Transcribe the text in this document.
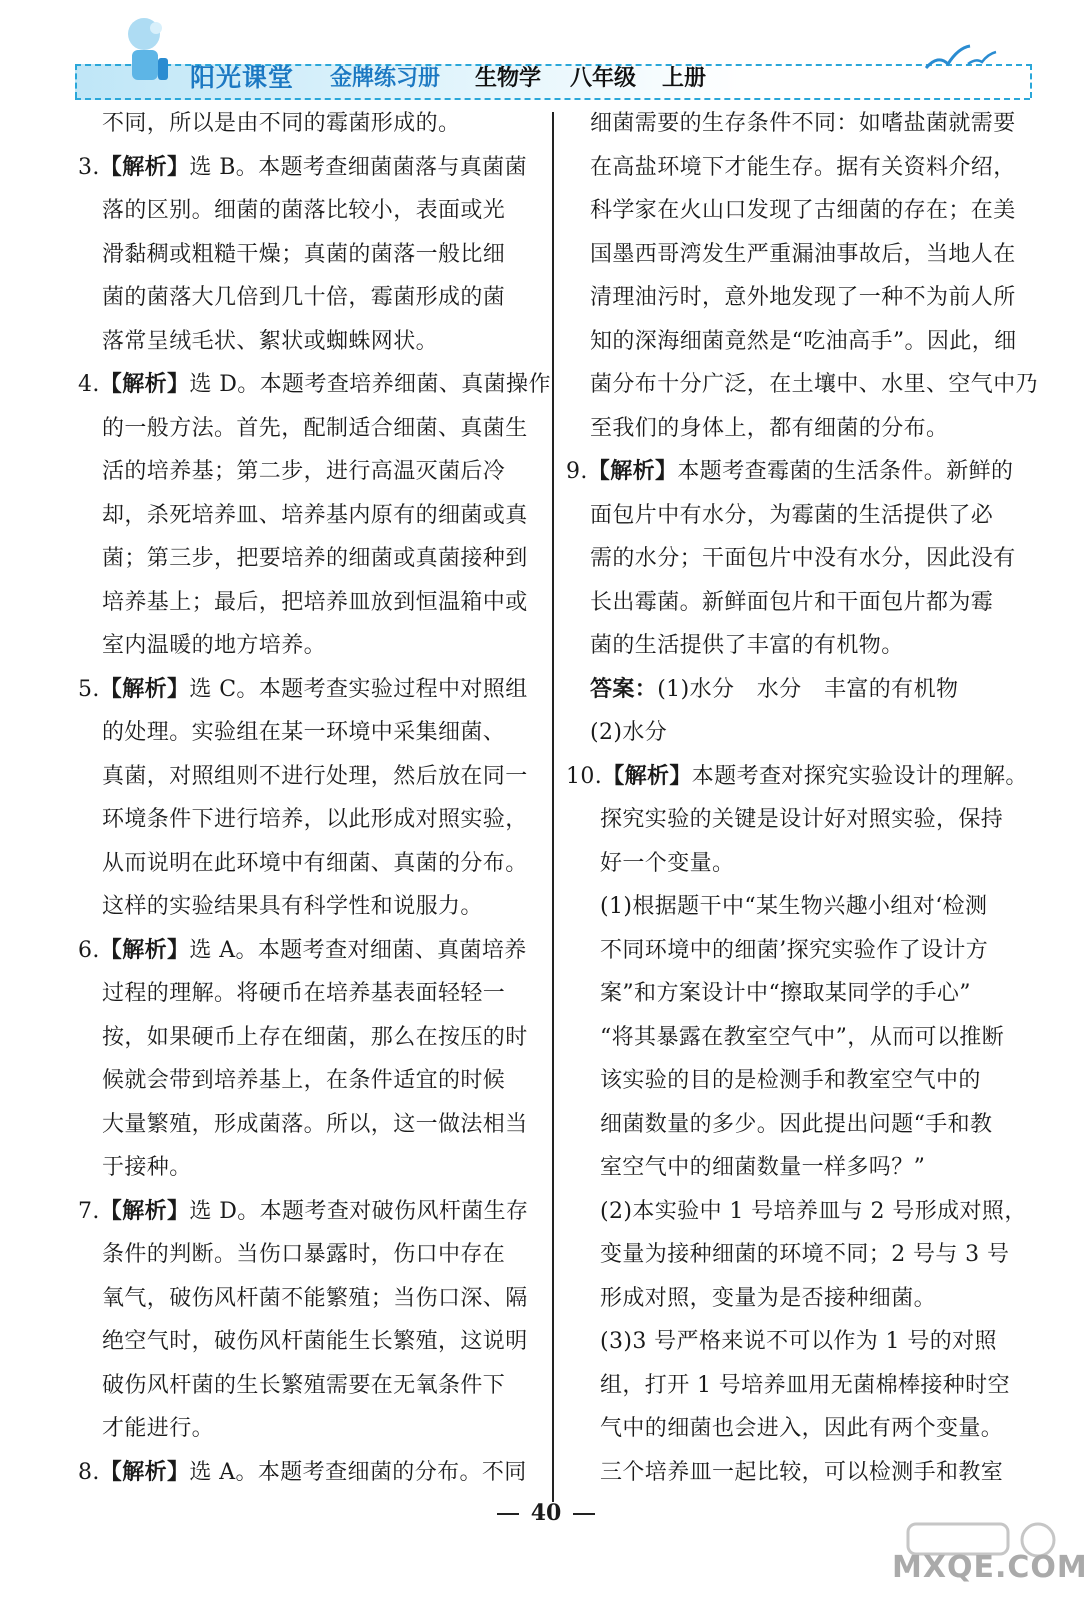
阳光课堂 金牌练习册 生物学 八年级 上册
不同，所以是由不同的霉菌形成的。
3.【解析】选 B。本题考查细菌菌落与真菌菌
落的区别。细菌的菌落比较小，表面或光
滑黏稠或粗糙干燥；真菌的菌落一般比细
菌的菌落大几倍到几十倍，霉菌形成的菌
落常呈绒毛状、絮状或蜘蛛网状。
4.【解析】选 D。本题考查培养细菌、真菌操作
的一般方法。首先，配制适合细菌、真菌生
活的培养基；第二步，进行高温灭菌后冷
却，杀死培养皿、培养基内原有的细菌或真
菌；第三步，把要培养的细菌或真菌接种到
培养基上；最后，把培养皿放到恒温箱中或
室内温暖的地方培养。
5.【解析】选 C。本题考查实验过程中对照组
的处理。实验组在某一环境中采集细菌、
真菌，对照组则不进行处理，然后放在同一
环境条件下进行培养，以此形成对照实验，
从而说明在此环境中有细菌、真菌的分布。
这样的实验结果具有科学性和说服力。
6.【解析】选 A。本题考查对细菌、真菌培养
过程的理解。将硬币在培养基表面轻轻一
按，如果硬币上存在细菌，那么在按压的时
候就会带到培养基上，在条件适宜的时候
大量繁殖，形成菌落。所以，这一做法相当
于接种。
7.【解析】选 D。本题考查对破伤风杆菌生存
条件的判断。当伤口暴露时，伤口中存在
氧气，破伤风杆菌不能繁殖；当伤口深、隔
绝空气时，破伤风杆菌能生长繁殖，这说明
破伤风杆菌的生长繁殖需要在无氧条件下
才能进行。
8.【解析】选 A。本题考查细菌的分布。不同
细菌需要的生存条件不同：如嗜盐菌就需要
在高盐环境下才能生存。据有关资料介绍，
科学家在火山口发现了古细菌的存在；在美
国墨西哥湾发生严重漏油事故后，当地人在
清理油污时，意外地发现了一种不为前人所
知的深海细菌竟然是“吃油高手”。因此，细
菌分布十分广泛，在土壤中、水里、空气中乃
至我们的身体上，都有细菌的分布。
9.【解析】本题考查霉菌的生活条件。新鲜的
面包片中有水分，为霉菌的生活提供了必
需的水分；干面包片中没有水分，因此没有
长出霉菌。新鲜面包片和干面包片都为霉
菌的生活提供了丰富的有机物。
答案：(1)水分　水分　丰富的有机物
(2)水分
10.【解析】本题考查对探究实验设计的理解。
探究实验的关键是设计好对照实验，保持
好一个变量。
(1)根据题干中“某生物兴趣小组对‘检测
不同环境中的细菌’探究实验作了设计方
案”和方案设计中“擦取某同学的手心”
“将其暴露在教室空气中”，从而可以推断
该实验的目的是检测手和教室空气中的
细菌数量的多少。因此提出问题“手和教
室空气中的细菌数量一样多吗？”
(2)本实验中 1 号培养皿与 2 号形成对照，
变量为接种细菌的环境不同；2 号与 3 号
形成对照，变量为是否接种细菌。
(3)3 号严格来说不可以作为 1 号的对照
组，打开 1 号培养皿用无菌棉棒接种时空
气中的细菌也会进入，因此有两个变量。
三个培养皿一起比较，可以检测手和教室
40
MXQE.COM
